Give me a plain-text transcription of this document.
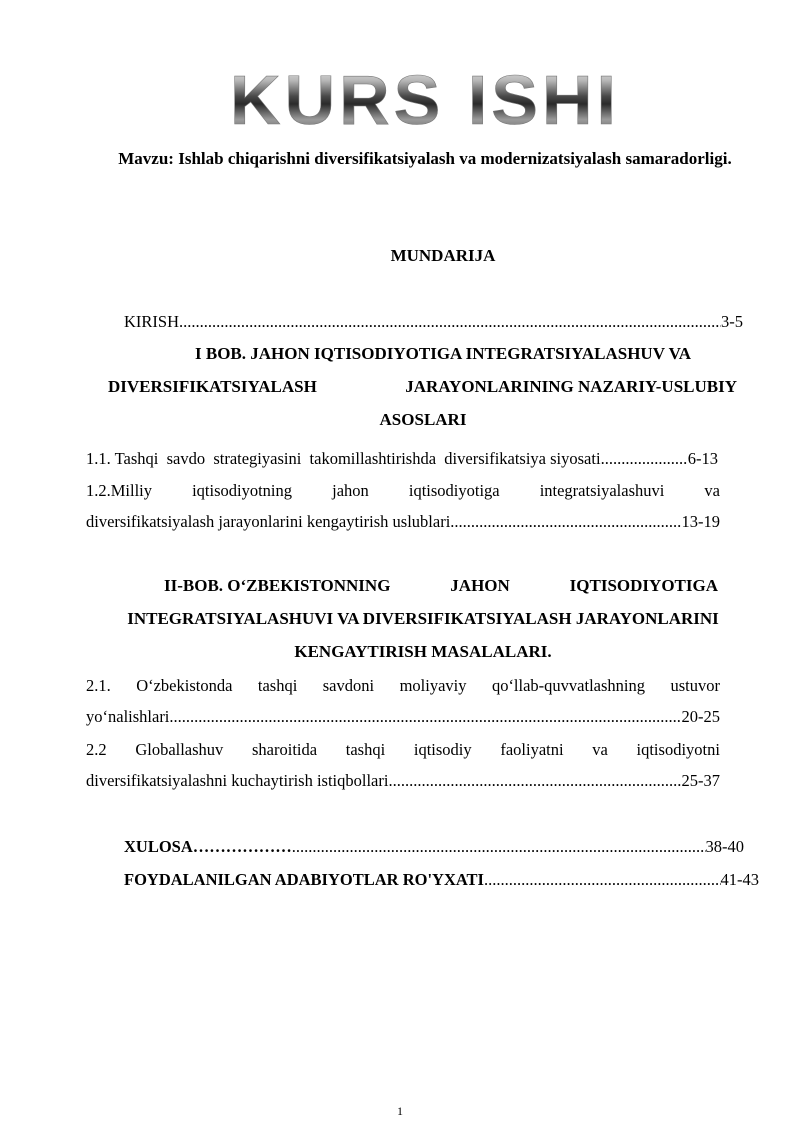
KURS ISHI
Mavzu: Ishlab chiqarishni diversifikatsiyalash va modernizatsiyalash samaradorligi.
MUNDARIJA
KIRISH .....	3-5
I BOB. JAHON IQTISODIYOTIGA INTEGRATSIYALASHUV VA
DIVERSIFIKATSIYALASH	JARAYONLARINING NAZARIY-USLUBIY
ASOSLARI
1.1. Tashqi  savdo  strategiyasini  takomillashtirishda  diversifikatsiya siyosati .....	6-13
1.2.Milliy iqtisodiyotning jahon iqtisodiyotiga integratsiyalashuvi va
diversifikatsiyalash jarayonlarini kengaytirish uslublari .....	13-19
II-BOB. O‘ZBEKISTONNING	JAHON	IQTISODIYOTIGA
INTEGRATSIYALASHUVI VA DIVERSIFIKATSIYALASH JARAYONLARINI
KENGAYTIRISH MASALALARI.
2.1. O‘zbekistonda tashqi savdoni moliyaviy qo‘llab-quvvatlashning ustuvor
yo‘nalishlari .....	20-25
2.2 Globallashuv sharoitida tashqi iqtisodiy faoliyatni va iqtisodiyotni
diversifikatsiyalashni kuchaytirish istiqbollari .....	25-37
XULOSA……………… .....	38-40
FOYDALANILGAN ADABIYOTLAR RO'YXATI .....	41-43
1
